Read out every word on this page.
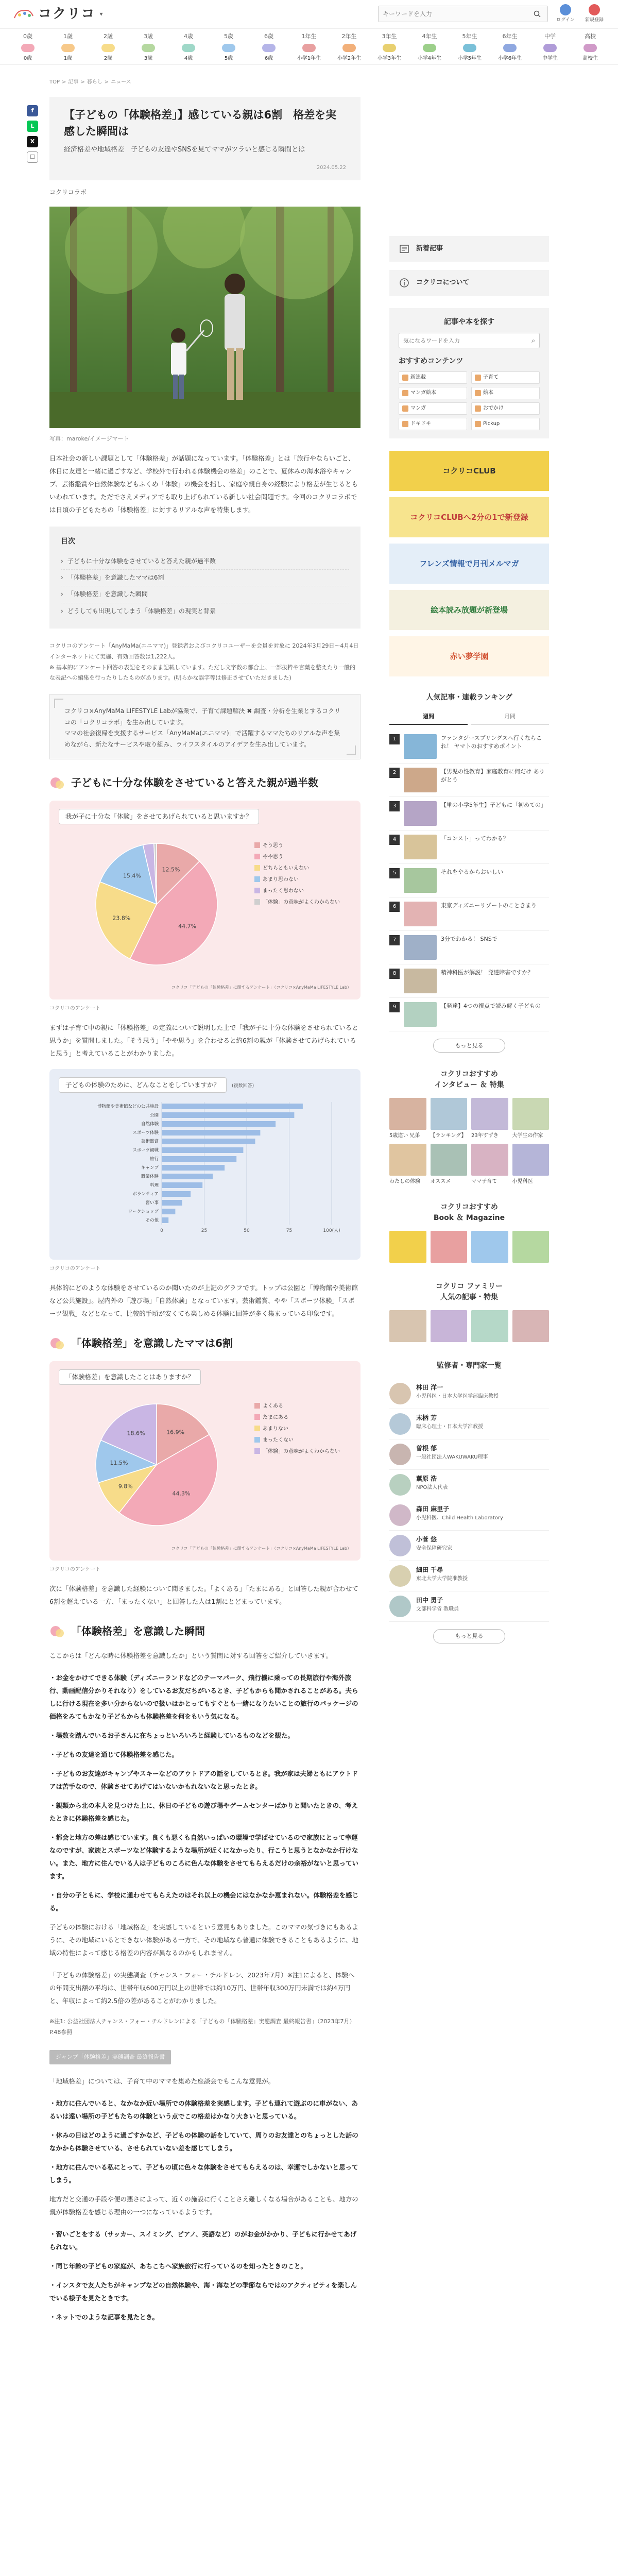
コクリコ ▾
キーワードを入力
ログイン 新規登録
0歳
0歳
1歳
1歳
2歳
2歳
3歳
3歳
4歳
4歳
5歳
5歳
6歳
6歳
1年生
小学1年生
2年生
小学2年生
3年生
小学3年生
4年生
小学4年生
5年生
小学5年生
6年生
小学6年生
中学
中学生
高校
高校生
TOP > 記事 > 暮らし > ニュース
f
L
X
☐
【子どもの「体験格差」】感じている親は6割　格差を実感した瞬間は

経済格差や地域格差　子どもの友達やSNSを見てママがツラいと感じる瞬間とは

2024.05.22

コクリコラボ

写真：maroke/イメージマート

日本社会の新しい課題として「体験格差」が話題になっています。「体験格差」とは「旅行やならいごと、休日に友達と一緒に過ごすなど、学校外で行われる体験機会の格差」のことで、夏休みの海水浴やキャンプ、芸術鑑賞や自然体験などもふくめ「体験」の機会を指し、家庭や親自身の経験により格差が生じるともいわれています。ただでさえメディアでも取り上げられている新しい社会問題です。今回のコクリコラボでは日頃の子どもたちの「体験格差」に対するリアルな声を特集します。

目次
› 子どもに十分な体験をさせていると答えた親が過半数
› 「体験格差」を意識したママは6割
› 「体験格差」を意識した瞬間
› どうしても出現してしまう「体験格差」の現実と背景

コクリコのアンケート「AnyMaMa(エニママ)」登録者およびコクリコユーザーを会員を対象に 2024年3月29日〜4月4日インターネットにて実施、有効回答数は1,222人。
※ 基本的にアンケート回答の表記をそのまま記載しています。ただし文字数の都合上、一部抜粋や言葉を整えたり一般的な表記への編集を行ったりしたものがあります。(明らかな誤字等は修正させていただきました)

コクリコ×AnyMaMa LIFESTYLE Labが協業で、子育て課題解決 ✖ 調査・分析を生業とするコクリコの「コクリコラボ」を生み出しています。
ママの社会復帰を支援するサービス「AnyMaMa(エニママ)」で活躍するママたちのリアルな声を集めながら、新たなサービスや取り組み、ライフスタイルのアイデアを生み出しています。

子どもに十分な体験をさせていると答えた親が過半数
我が子に十分な「体験」をさせてあげられていると思いますか？
12.5%
44.7%
23.8%
15.4%
そう思う
やや思う
どちらともいえない
あまり思わない
まったく思わない
「体験」の意味がよくわからない
コクリコ「子どもの「体験格差」に関するアンケート」（コクリコ×AnyMaMa LIFESTYLE Lab）

コクリコのアンケート

まずは子育て中の親に「体験格差」の定義について説明した上で「我が子に十分な体験をさせられていると思うか」を質問しました。「そう思う」「やや思う」を合わせると約6割の親が「体験させてあげられていると思う」と考えていることがわかりました。

子どもの体験のために、どんなことをしていますか？	(複数回答)
0	25	50	75	100(人)
博物館や美術館などの公共施設
公園
自然体験
スポーツ体験
芸術鑑賞
スポーツ観戦
旅行
キャンプ
職業体験
料理
ボランティア
習い事
ワークショップ
その他

コクリコのアンケート

具体的にどのような体験をさせているのか聞いたのが上記のグラフです。トップは公園と「博物館や美術館など公共施設」。屋内外の「遊び場」「自然体験」となっています。芸術鑑賞、やや「スポーツ体験」「スポーツ観戦」などとなって、比較的手頃が安くても楽しめる体験に回答が多く集まっている印象です。

「体験格差」を意識したママは6割
「体験格差」を意識したことはありますか？
16.9%
44.3%
9.8%
11.5%
18.6%
よくある
たまにある
あまりない
まったくない
「体験」の意味がよくわからない
コクリコ「子どもの「体験格差」に関するアンケート」（コクリコ×AnyMaMa LIFESTYLE Lab）

コクリコのアンケート

次に「体験格差」を意識した経験について聞きました。「よくある」「たまにある」と回答した親が合わせて6割を超えている一方、「まったくない」と回答した人は1割にとどまっています。

「体験格差」を意識した瞬間

ここからは「どんな時に体験格差を意識したか」という質問に対する回答をご紹介していきます。

・お金をかけてできる体験（ディズニーランドなどのテーマパーク、飛行機に乗っての長期旅行や海外旅行、動画配信分かりそれなり）をしているお友だちがいるとき、子どもからも聞かされることがある。夫らしに行ける現在を多い分からないので扱いはかとってもすぐとも一緒になりたいことの旅行のパッケージの価格をみてもかなり子どもからも体験格差を何をもいう気になる。

・場数を踏んでいるお子さんに在ちょっといろいろと経験しているものなどを観た。

・子どもの友達を通じて体験格差を感じた。

・子どものお友達がキャンプやスキーなどのアウトドアの話をしているとき。我が家は夫婦ともにアウトドアは苦手なので、体験させてあげてはいないかもれないなと思ったとき。

・親類から北の本人を見つけた上に、休日の子どもの遊び場やゲームセンターばかりと聞いたときの、考えたときに体験格差を感じた。

・都会と地方の差は感じています。良くも悪くも自然いっぱいの環境で学ばせているので家族にとって幸運なのですが、家族とスポーツなど体験するような場所が近くになかったり、行こうと思うとなかなか行けない。また、地方に住んでいる人は子どものころに色んな体験をさせてもらえるだけの余裕がないと思っています。

・自分の子ともに、学校に通わせてもらえたのはそれ以上の機会にはなかなか恵まれない。体験格差を感じる。

子どもの体験における「地域格差」を実感しているという意見もありました。このママの気づきにもあるように、その地域にいるとできない体験がある一方で、その地域なら普通に体験できることもあるように、地域の特性によって感じる格差の内容が異なるのかもしれません。

「子どもの体験格差」の実態調査（チャンス・フォー・チルドレン、2023年7月）※注1によると、体験への年間支出額の平均は、世帯年収600万円以上の世帯では約10万円、世帯年収300万円未満では約4万円と、年収によって約2.5倍の差があることがわかりました。

※注1: 公益社団法人チャンス・フォー・チルドレンによる「子どもの「体験格差」実態調査 最終報告書」（2023年7月）P.48参照

ジャンプ「体験格差」実態調査 最終報告書

「地域格差」については、子育て中のママを集めた座談会でもこんな意見が。

・地方に住んでいると、なかなか近い場所での体験格差を実感します。子ども連れて遊ぶのに車がない、あるいは遠い場所の子どもたちの体験という点でこの格差はかなり大きいと思っている。

・休みの日はどのように過ごすかなど、子どもの体験の話をしていて、周りのお友達とのちょっとした話のなかから体験させている、させられていない差を感じてしまう。

・地方に住んでいる私にとって、子どもの頃に色々な体験をさせてもらえるのは、幸運でしかないと思ってしまう。

地方だと交通の手段や便の悪さによって、近くの施設に行くことさえ難しくなる場合があることも、地方の親が体験格差を感じる理由の一つになっているようです。

・習いごとをする（サッカー、スイミング、ピアノ、英語など）のがお金がかかり、子どもに行かせてあげられない。

・同じ年齢の子どもの家庭が、あちこちへ家族旅行に行っているのを知ったときのこと。

・インスタで友人たちがキャンプなどの自然体験や、海・海などの季節ならではのアクティビティを楽しんでいる様子を見たときです。

・ネットでのような記事を見たとき。

新着記事
コクリコについて
記事や本を探す
気になるワードを入力
⌕
おすすめコンテンツ
新連載	子育て
マンガ絵本	絵本
マンガ	おでかけ
ドキドキ	Pickup
コクリコCLUB
コクリコCLUBへ2分の1で新登録
フレンズ情報で月刊メルマガ
絵本読み放題が新登場
赤い夢学園
人気記事・連載ランキング
週間	月間
1	ファンタジースプリングスへ行くならこれ！ ヤマトのおすすめポイント
2	【男児の性教育】家庭教育に何だけ ありがとう
3	【単の小学5年生】子どもに「初めての」
4	「コンスト」ってわかる？
5	それをやるからおいしい
6	東京ディズニーリゾートのこときまり
7	3分でわかる！ SNSで
8	精神科医が解説！ 発達障害ですか？
9	【発達】4つの視点で読み解く子どもの
もっと見る
コクリコおすすめ
インタビュー ＆ 特集
5歳違い 兄弟	【ランキング】 23年すずき	大学生の作家
わたしの体験	オススメ	ママ子育て	小児科医
コクリコおすすめ
Book ＆ Magazine
コクリコ ファミリー
人気の記事・特集
監修者・専門家一覧
林田 洋一
小児科医・日本大学医学部臨床教授
末柄 芳
臨床心理士・日本大学准教授
曽根 郁
一般社団法人WAKUWAKU理事
薫原 浩
NPO法人代表
森田 麻里子
小児科医、Child Health Laboratory
小菅 悠
安全保障研究家
細田 千尋
東北大学大学院准教授
田中 勇子
文部科学省 教職員
もっと見る
